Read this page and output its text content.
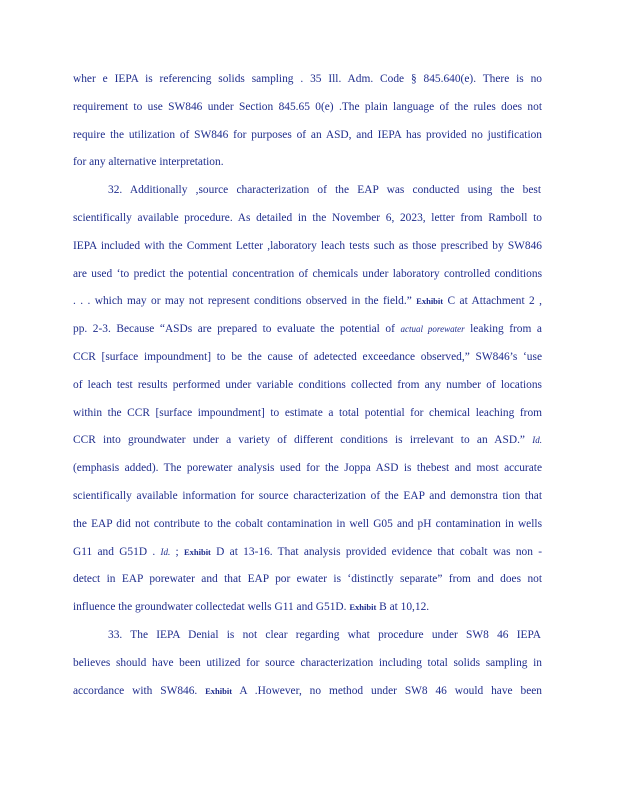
wher e IEPA is referencing solids sampling . 35 Ill. Adm. Code § 845.640(e). There is no
requirement to use SW846 under Section 845.65 0(e) .The plain language of the rules does not
require the utilization of SW846 for purposes of an ASD, and IEPA has provided no justification
for any alternative interpretation.
32. Additionally ,source characterization of the EAP was conducted using the best
scientifically available procedure. As detailed in the November 6, 2023, letter from Ramboll to
IEPA included with the Comment Letter ,laboratory leach tests such as those prescribed by SW846
are used ‘to predict the potential concentration of chemicals under laboratory controlled conditions
. . . which may or may not represent conditions observed in the field.” Exhibit C at Attachment 2 ,
pp. 2-3. Because “ASDs are prepared to evaluate the potential of actual porewater leaking from a
CCR [surface impoundment] to be the cause of adetected exceedance observed,” SW846’s ‘use
of leach test results performed under variable conditions collected from any number of locations
within the CCR [surface impoundment] to estimate a total potential for chemical leaching from
CCR into groundwater under a variety of different conditions is irrelevant to an ASD.” Id.
(emphasis added). The porewater analysis used for the Joppa ASD is thebest and most accurate
scientifically available information for source characterization of the EAP and demonstra tion that
the EAP did not contribute to the cobalt contamination in well G05 and pH contamination in wells
G11 and G51D . Id. ; Exhibit D at 13-16. That analysis provided evidence that cobalt was non -
detect in EAP porewater and that EAP por ewater is ‘distinctly separate” from and does not
influence the groundwater collectedat wells G11 and G51D. Exhibit B at 10,12.
33. The IEPA Denial is not clear regarding what procedure under SW8 46 IEPA
believes should have been utilized for source characterization including total solids sampling in
accordance with SW846. Exhibit A .However, no method under SW8 46 would have been
